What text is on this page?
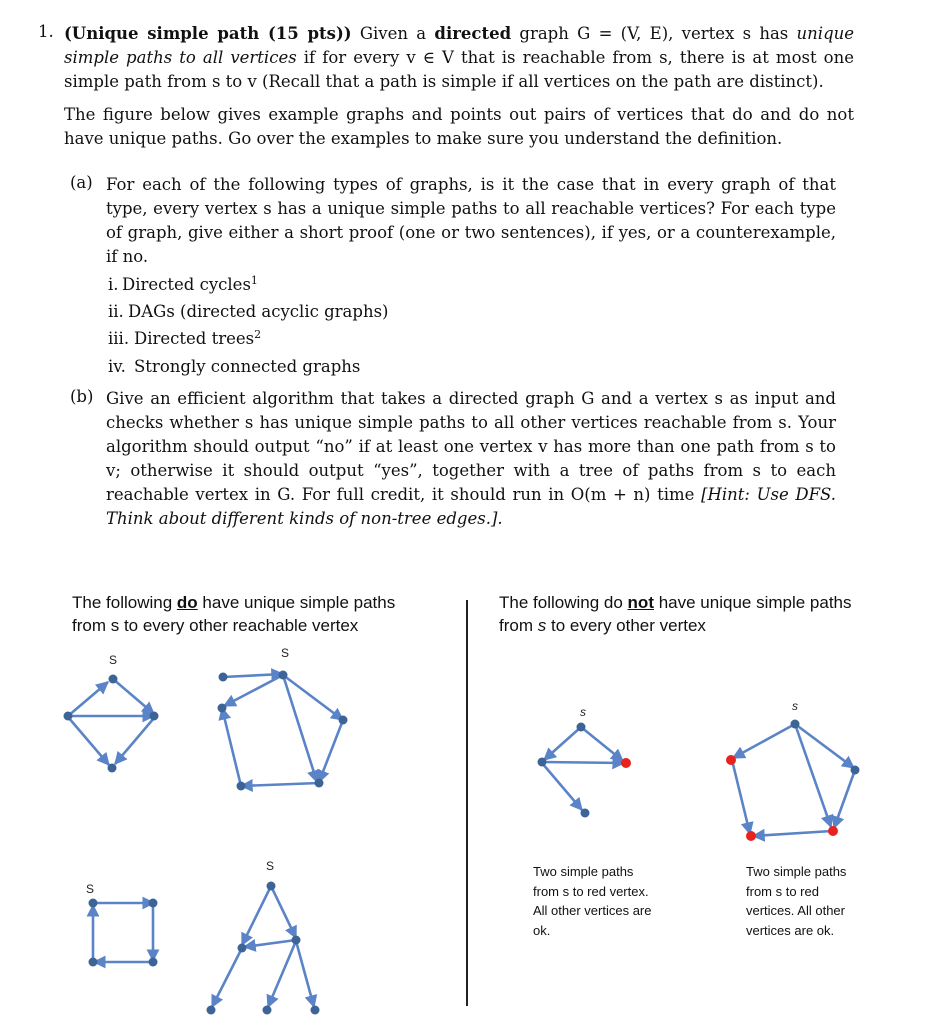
1. (Unique simple path (15 pts)) Given a directed graph G = (V, E), vertex s has unique simple paths to all vertices if for every v ∈ V that is reachable from s, there is at most one simple path from s to v (Recall that a path is simple if all vertices on the path are distinct).
The figure below gives example graphs and points out pairs of vertices that do and do not have unique paths. Go over the examples to make sure you understand the definition.
(a) For each of the following types of graphs, is it the case that in every graph of that type, every vertex s has a unique simple paths to all reachable vertices? For each type of graph, give either a short proof (one or two sentences), if yes, or a counterexample, if no.
i. Directed cycles$^1$
ii. DAGs (directed acyclic graphs)
iii. Directed trees$^2$
iv. Strongly connected graphs
(b) Give an efficient algorithm that takes a directed graph G and a vertex s as input and checks whether s has unique simple paths to all other vertices reachable from s. Your algorithm should output “no” if at least one vertex v has more than one path from s to v; otherwise it should output “yes”, together with a tree of paths from s to each reachable vertex in G. For full credit, it should run in O(m + n) time [Hint: Use DFS. Think about different kinds of non-tree edges.].
The following do have unique simple paths
from s to every other reachable vertex
The following do not have unique simple paths
from s to every other vertex
Two simple paths
from s to red vertex.
All other vertices are
ok.
Two simple paths
from s to red
vertices. All other
vertices are ok.
S	S
S
S
s	s
